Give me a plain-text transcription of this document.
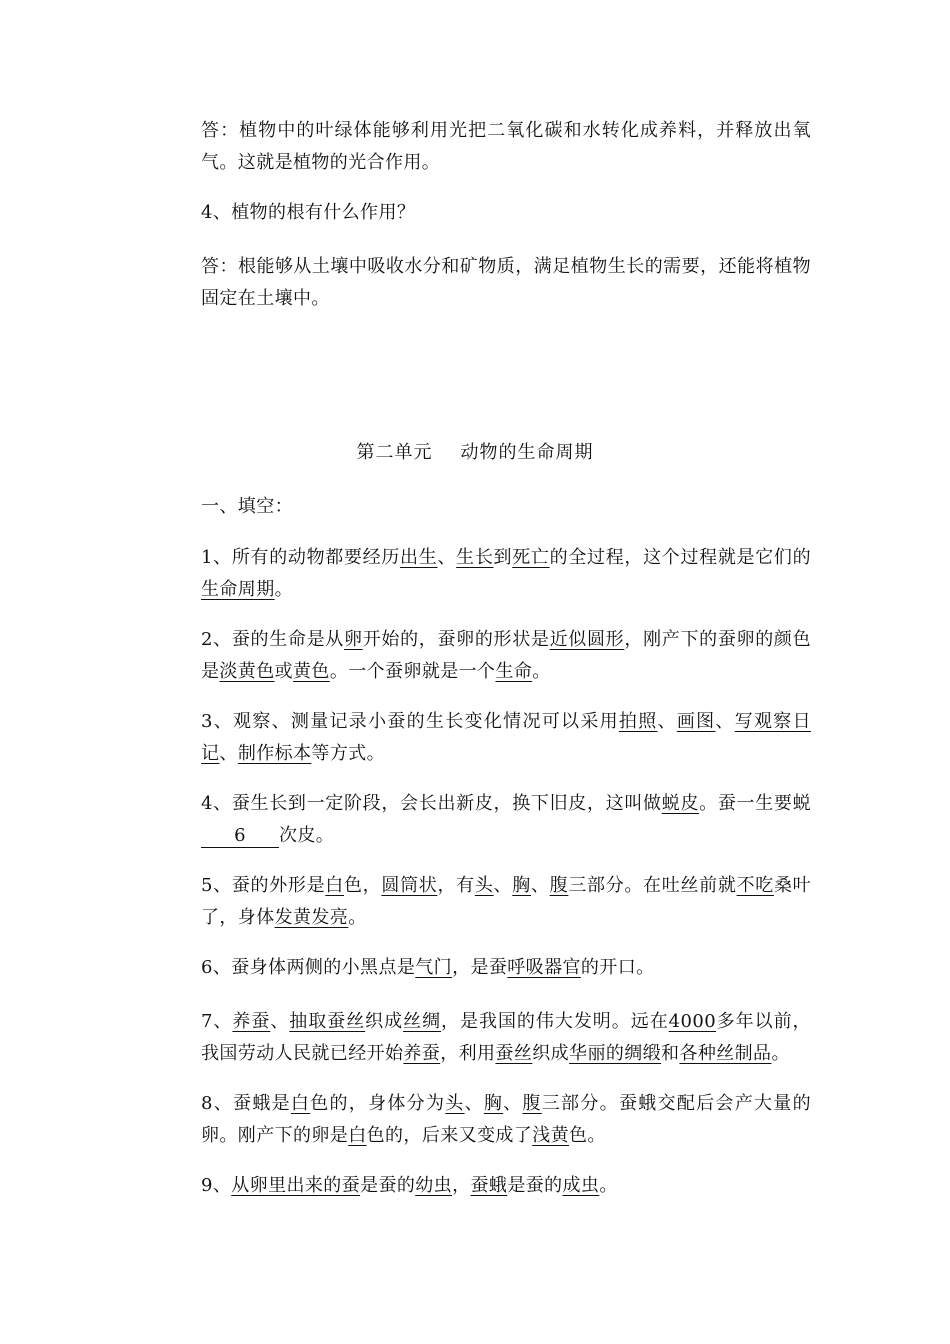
答：植物中的叶绿体能够利用光把二氧化碳和水转化成养料，并释放出氧气。这就是植物的光合作用。

4、植物的根有什么作用？

答：根能够从土壤中吸收水分和矿物质，满足植物生长的需要，还能将植物固定在土壤中。

第二单元 动物的生命周期

一、填空：

1、所有的动物都要经历出生、生长到死亡的全过程，这个过程就是它们的生命周期。

2、蚕的生命是从卵开始的，蚕卵的形状是近似圆形，刚产下的蚕卵的颜色是淡黄色或黄色。一个蚕卵就是一个生命。

3、观察、测量记录小蚕的生长变化情况可以采用拍照、画图、写观察日记、制作标本等方式。

4、蚕生长到一定阶段，会长出新皮，换下旧皮，这叫做蜕皮。蚕一生要蜕6 次皮。

5、蚕的外形是白色，圆筒状，有头、胸、腹三部分。在吐丝前就不吃桑叶了，身体发黄发亮。

6、蚕身体两侧的小黑点是气门，是蚕呼吸器官的开口。

7、养蚕、抽取蚕丝织成丝绸，是我国的伟大发明。远在4000多年以前，我国劳动人民就已经开始养蚕，利用蚕丝织成华丽的绸缎和各种丝制品。

8、蚕蛾是白色的，身体分为头、胸、腹三部分。蚕蛾交配后会产大量的卵。刚产下的卵是白色的，后来又变成了浅黄色。

9、从卵里出来的蚕是蚕的幼虫，蚕蛾是蚕的成虫。
